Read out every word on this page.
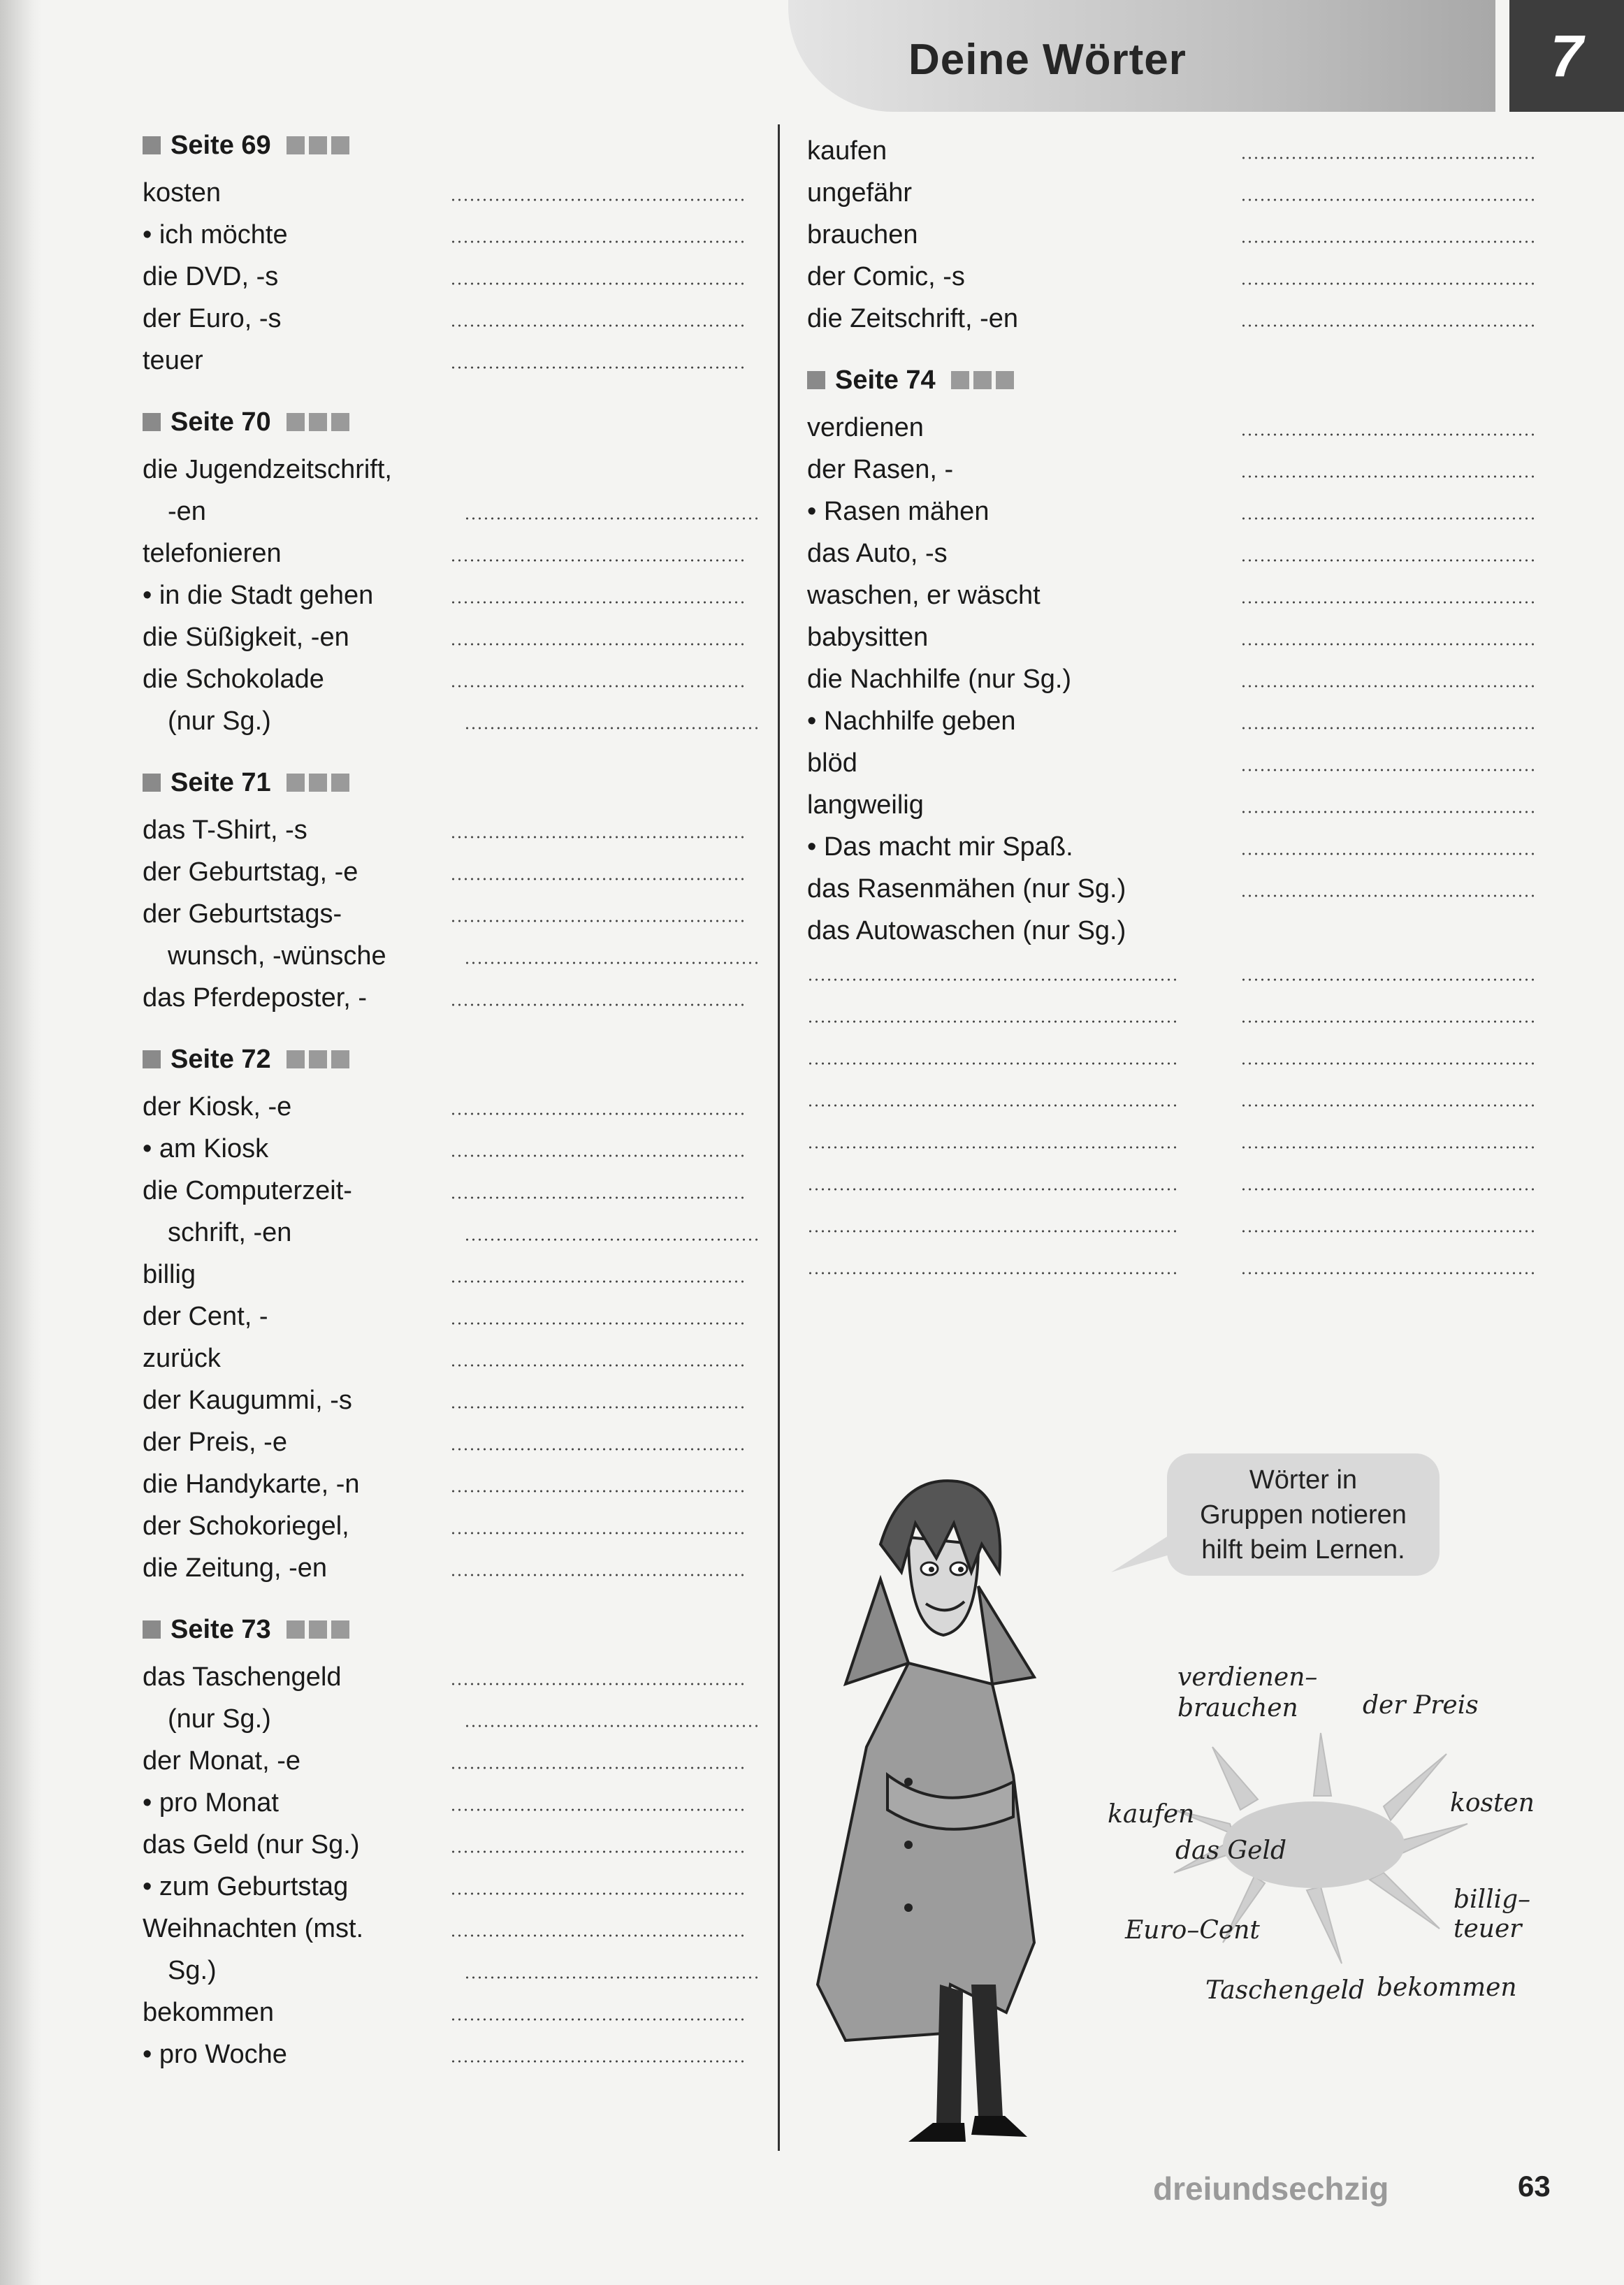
Deine Wörter	7
Seite 69
kosten
• ich möchte
die DVD, -s
der Euro, -s
teuer
Seite 70
die Jugendzeitschrift,
-en
telefonieren
• in die Stadt gehen
die Süßigkeit, -en
die Schokolade
(nur Sg.)
Seite 71
das T-Shirt, -s
der Geburtstag, -e
der Geburtstags-
wunsch, -wünsche
das Pferdeposter, -
Seite 72
der Kiosk, -e
• am Kiosk
die Computerzeit-
schrift, -en
billig
der Cent, -
zurück
der Kaugummi, -s
der Preis, -e
die Handykarte, -n
der Schokoriegel,
die Zeitung, -en
Seite 73
das Taschengeld
(nur Sg.)
der Monat, -e
• pro Monat
das Geld (nur Sg.)
• zum Geburtstag
Weihnachten (mst.
Sg.)
bekommen
• pro Woche
kaufen
ungefähr
brauchen
der Comic, -s
die Zeitschrift, -en
Seite 74
verdienen
der Rasen, -
• Rasen mähen
das Auto, -s
waschen, er wäscht
babysitten
die Nachhilfe (nur Sg.)
• Nachhilfe geben
blöd
langweilig
• Das macht mir Spaß.
das Rasenmähen (nur Sg.)
das Autowaschen (nur Sg.)
Wörter in
Gruppen notieren
hilft beim Lernen.
das Geld
verdienen–
brauchen	der Preis
kosten
kaufen
billig–
teuer
Euro–Cent
Taschengeld bekommen
dreiundsechzig	63
